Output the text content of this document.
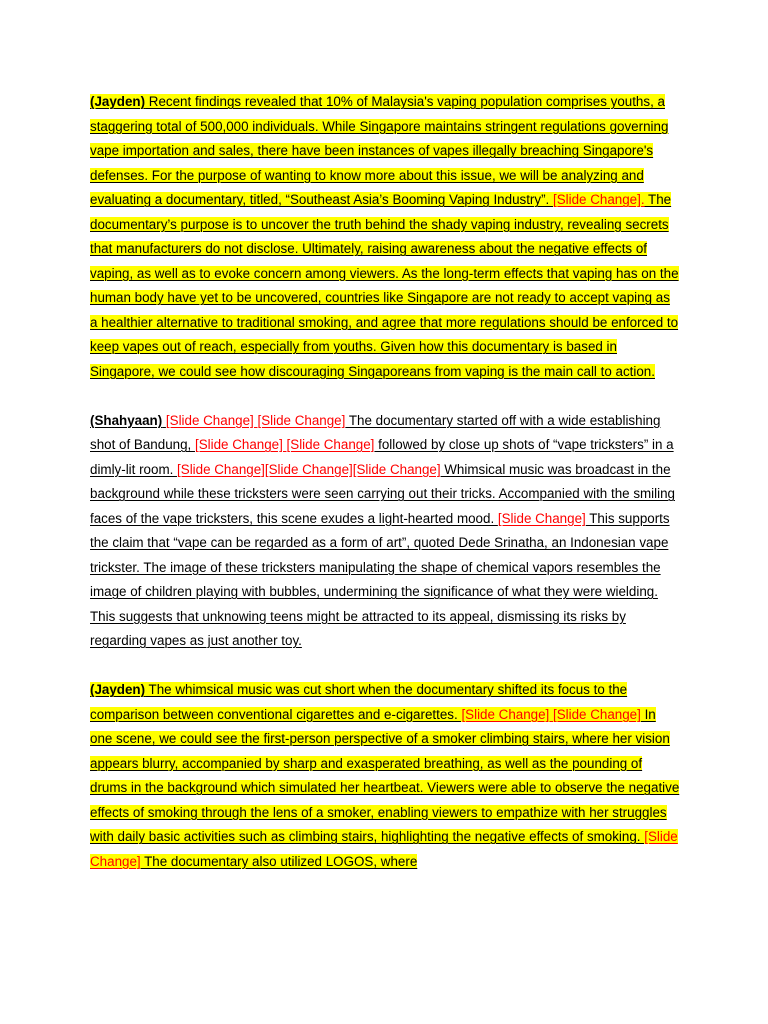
(Jayden) Recent findings revealed that 10% of Malaysia's vaping population comprises youths, a staggering total of 500,000 individuals. While Singapore maintains stringent regulations governing vape importation and sales, there have been instances of vapes illegally breaching Singapore's defenses. For the purpose of wanting to know more about this issue, we will be analyzing and evaluating a documentary, titled, “Southeast Asia’s Booming Vaping Industry”. [Slide Change]. The documentary’s purpose is to uncover the truth behind the shady vaping industry, revealing secrets that manufacturers do not disclose. Ultimately, raising awareness about the negative effects of vaping, as well as to evoke concern among viewers. As the long-term effects that vaping has on the human body have yet to be uncovered, countries like Singapore are not ready to accept vaping as a healthier alternative to traditional smoking, and agree that more regulations should be enforced to keep vapes out of reach, especially from youths. Given how this documentary is based in Singapore, we could see how discouraging Singaporeans from vaping is the main call to action.

(Shahyaan) [Slide Change] [Slide Change] The documentary started off with a wide establishing shot of Bandung, [Slide Change] [Slide Change] followed by close up shots of “vape tricksters” in a dimly-lit room. [Slide Change][Slide Change][Slide Change] Whimsical music was broadcast in the background while these tricksters were seen carrying out their tricks. Accompanied with the smiling faces of the vape tricksters, this scene exudes a light-hearted mood. [Slide Change] This supports the claim that “vape can be regarded as a form of art”, quoted Dede Srinatha, an Indonesian vape trickster. The image of these tricksters manipulating the shape of chemical vapors resembles the image of children playing with bubbles, undermining the significance of what they were wielding. This suggests that unknowing teens might be attracted to its appeal, dismissing its risks by regarding vapes as just another toy.

(Jayden) The whimsical music was cut short when the documentary shifted its focus to the comparison between conventional cigarettes and e-cigarettes. [Slide Change] [Slide Change] In one scene, we could see the first-person perspective of a smoker climbing stairs, where her vision appears blurry, accompanied by sharp and exasperated breathing, as well as the pounding of drums in the background which simulated her heartbeat. Viewers were able to observe the negative effects of smoking through the lens of a smoker, enabling viewers to empathize with her struggles with daily basic activities such as climbing stairs, highlighting the negative effects of smoking. [Slide Change] The documentary also utilized LOGOS, where
